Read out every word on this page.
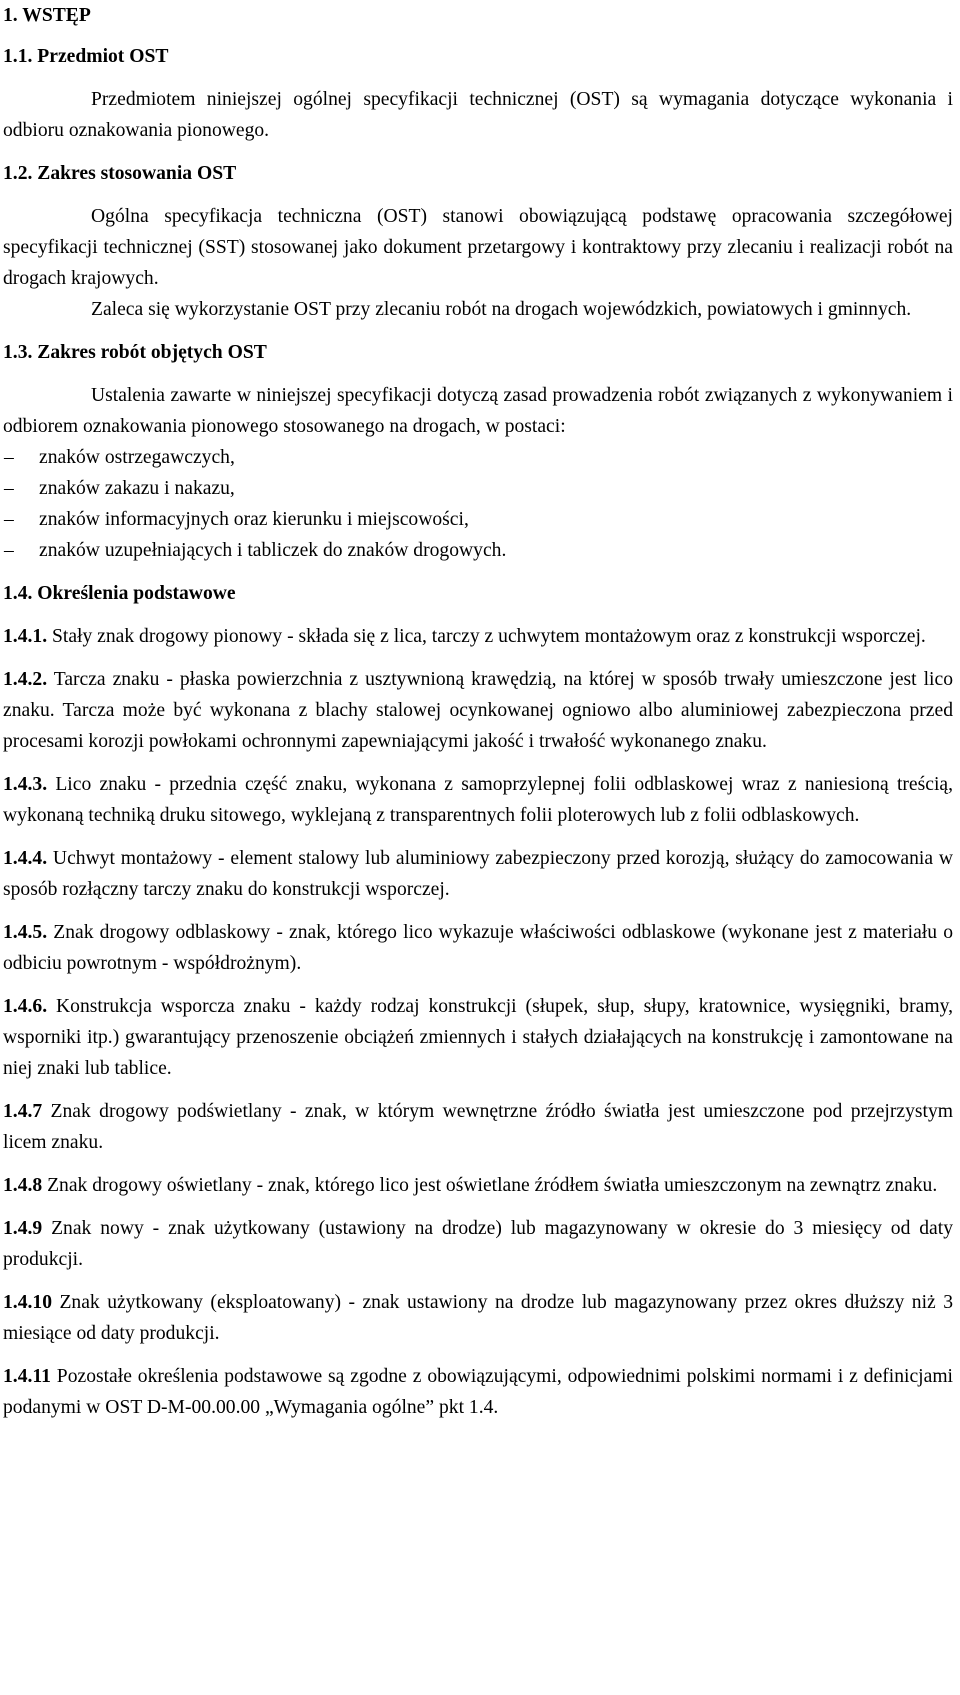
1. WSTĘP
1.1. Przedmiot OST

Przedmiotem niniejszej ogólnej specyfikacji technicznej (OST) są wymagania dotyczące wykonania i odbioru oznakowania pionowego.

1.2. Zakres stosowania OST

Ogólna specyfikacja techniczna (OST) stanowi obowiązującą podstawę opracowania szczegółowej specyfikacji technicznej (SST) stosowanej jako dokument przetargowy i kontraktowy przy zlecaniu i realizacji robót na drogach krajowych.

Zaleca się wykorzystanie OST przy zlecaniu robót na drogach wojewódzkich, powiatowych i gminnych.

1.3. Zakres robót objętych OST

Ustalenia zawarte w niniejszej specyfikacji dotyczą zasad prowadzenia robót związanych z wykonywaniem i odbiorem oznakowania pionowego stosowanego na drogach, w postaci:

– znaków ostrzegawczych,
– znaków zakazu i nakazu,
– znaków informacyjnych oraz kierunku i miejscowości,
– znaków uzupełniających i tabliczek do znaków drogowych.
1.4. Określenia podstawowe

1.4.1. Stały znak drogowy pionowy - składa się z lica, tarczy z uchwytem montażowym oraz z konstrukcji wsporczej.

1.4.2. Tarcza znaku - płaska powierzchnia z usztywnioną krawędzią, na której w sposób trwały umieszczone jest lico znaku. Tarcza może być wykonana z blachy stalowej ocynkowanej ogniowo albo aluminiowej zabezpieczona przed procesami korozji powłokami ochronnymi zapewniającymi jakość i trwałość wykonanego znaku.

1.4.3. Lico znaku - przednia część znaku, wykonana z samoprzylepnej folii odblaskowej wraz z naniesioną treścią, wykonaną techniką druku sitowego, wyklejaną z transparentnych folii ploterowych lub z folii odblaskowych.

1.4.4. Uchwyt montażowy - element stalowy lub aluminiowy zabezpieczony przed korozją, służący do zamocowania w sposób rozłączny tarczy znaku do konstrukcji wsporczej.

1.4.5. Znak drogowy odblaskowy - znak, którego lico wykazuje właściwości odblaskowe (wykonane jest z materiału o odbiciu powrotnym - współdrożnym).

1.4.6. Konstrukcja wsporcza znaku - każdy rodzaj konstrukcji (słupek, słup, słupy, kratownice, wysięgniki, bramy, wsporniki itp.) gwarantujący przenoszenie obciążeń zmiennych i stałych działających na konstrukcję i zamontowane na niej znaki lub tablice.

1.4.7 Znak drogowy podświetlany - znak, w którym wewnętrzne źródło światła jest umieszczone pod przejrzystym licem znaku.

1.4.8 Znak drogowy oświetlany - znak, którego lico jest oświetlane źródłem światła umieszczonym na zewnątrz znaku.

1.4.9 Znak nowy - znak użytkowany (ustawiony na drodze) lub magazynowany w okresie do 3 miesięcy od daty produkcji.

1.4.10 Znak użytkowany (eksploatowany) - znak ustawiony na drodze lub magazynowany przez okres dłuższy niż 3 miesiące od daty produkcji.

1.4.11 Pozostałe określenia podstawowe są zgodne z obowiązującymi, odpowiednimi polskimi normami i z definicjami podanymi w OST D-M-00.00.00 „Wymagania ogólne” pkt 1.4.
